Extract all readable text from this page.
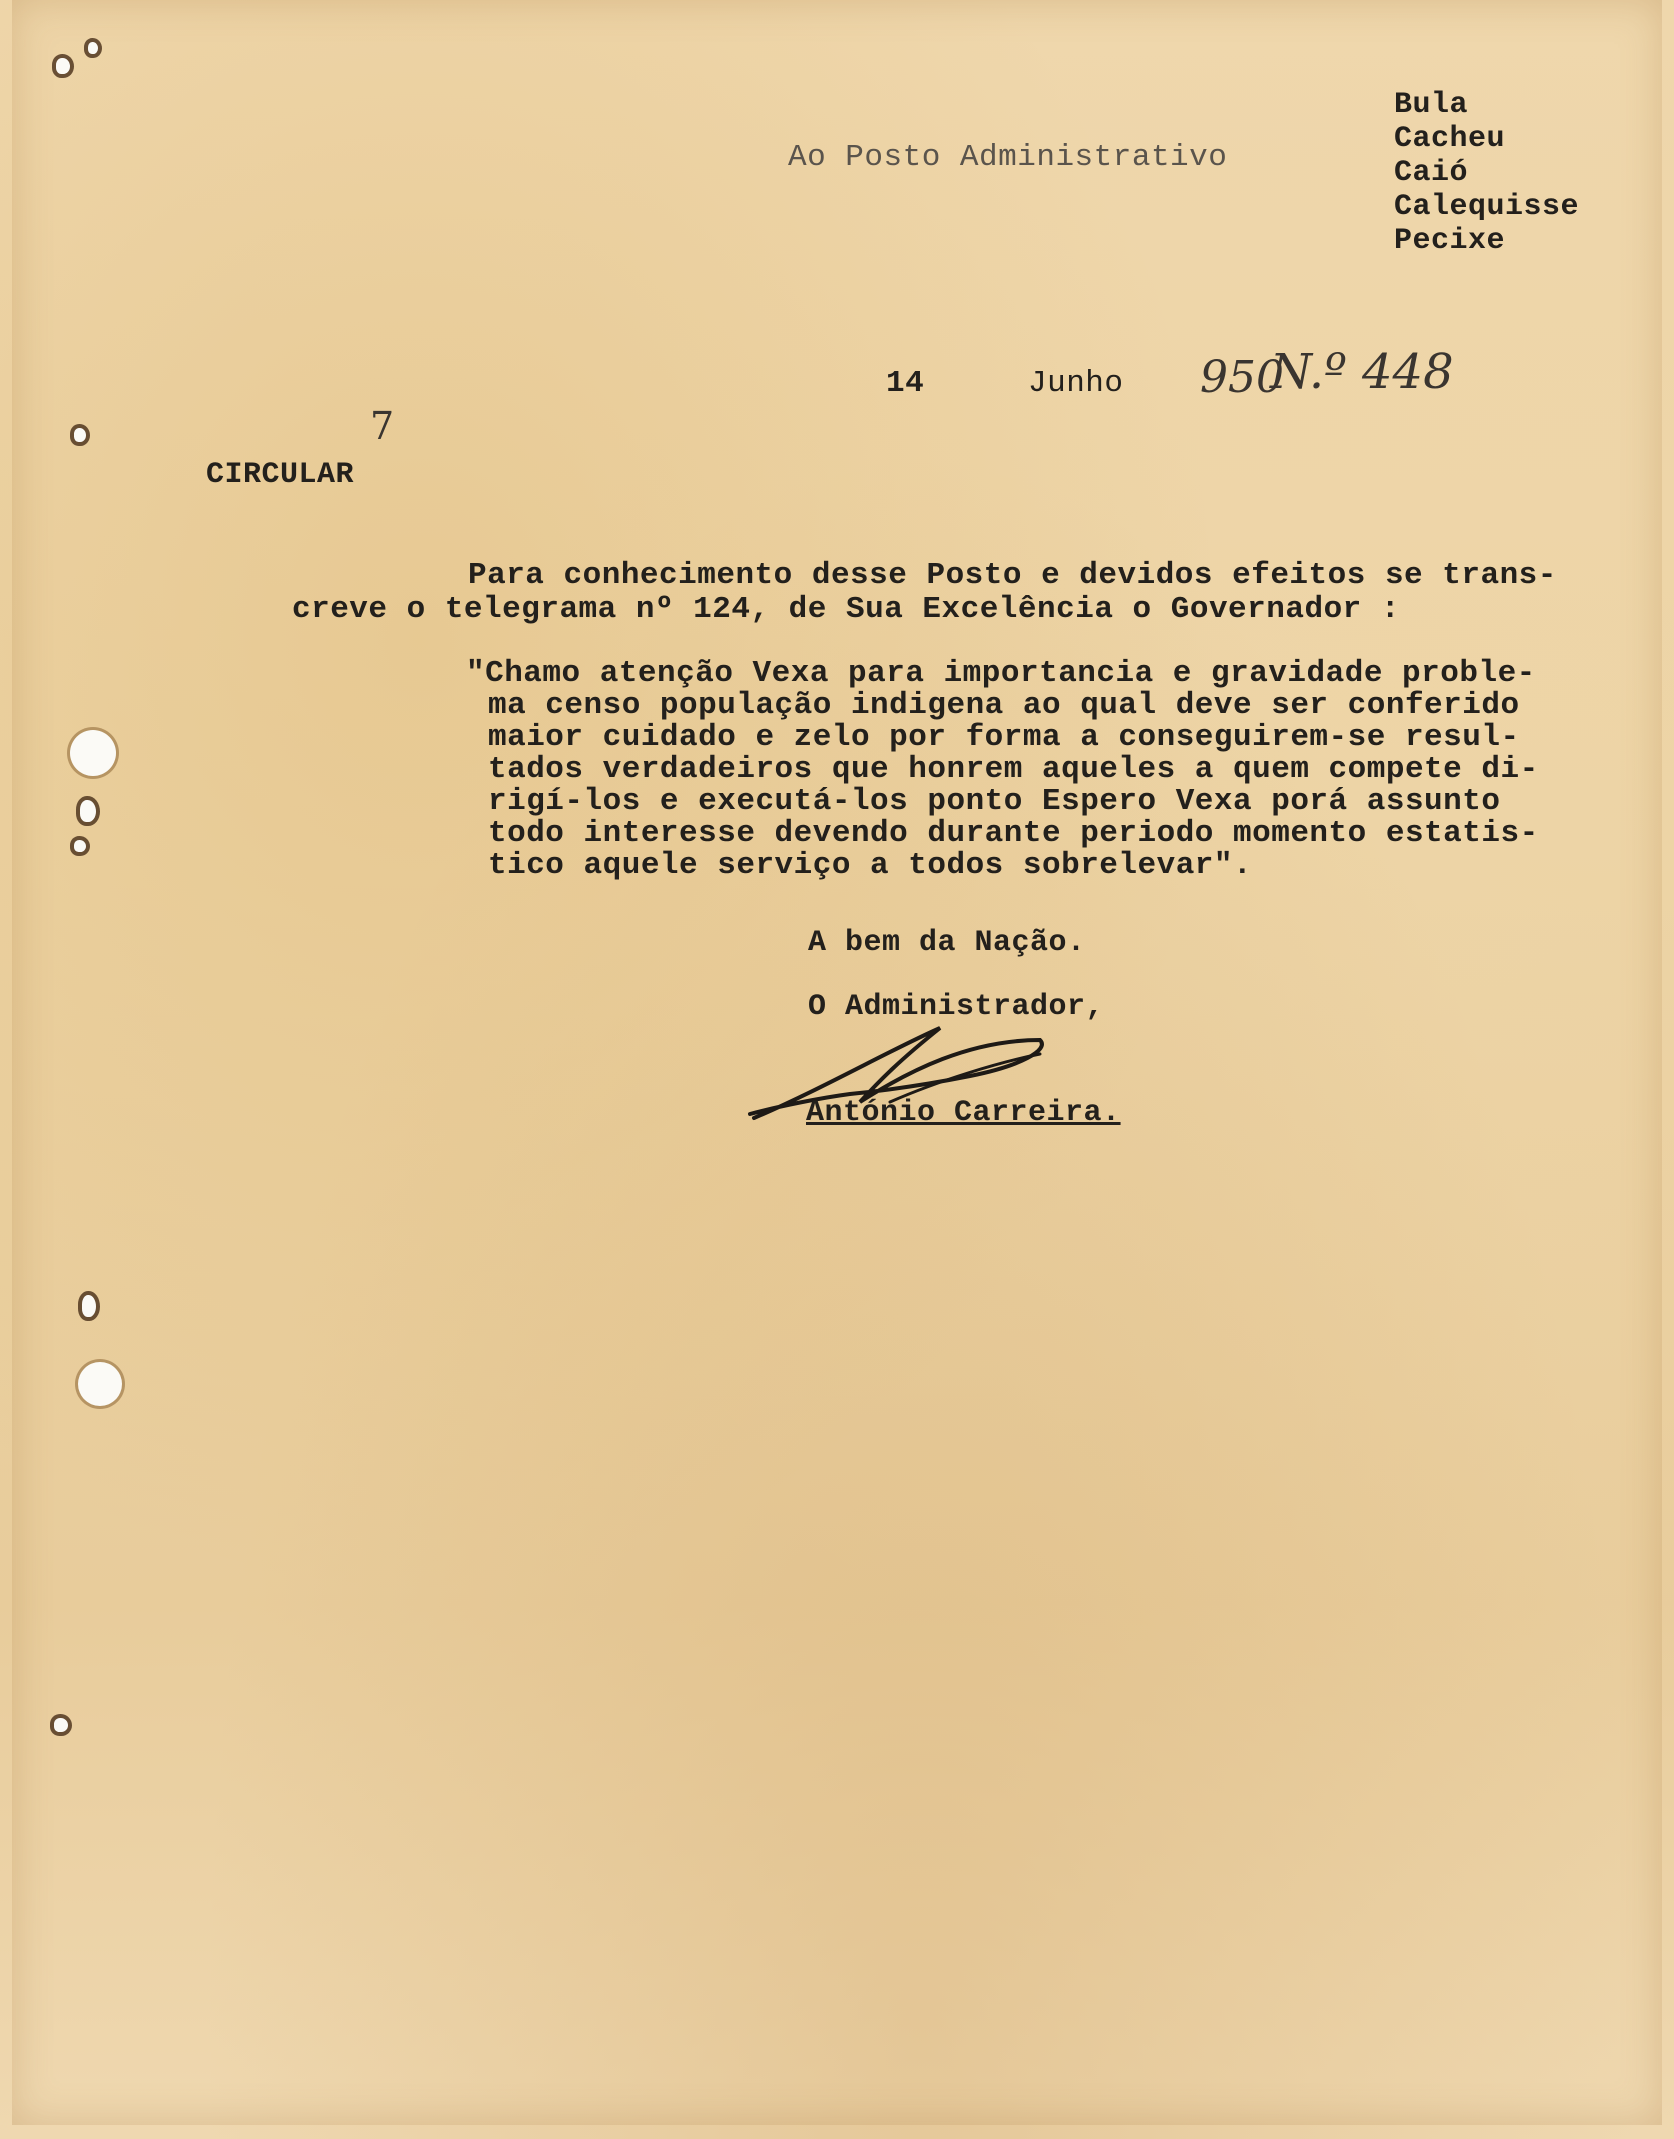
Ao Posto Administrativo
Bula
Cacheu
Caió
Calequisse
Pecixe
14	Junho 950
N.º 448
7
CIRCULAR
Para conhecimento desse Posto e devidos efeitos se trans-
creve o telegrama nº 124, de Sua Excelência o Governador :
"Chamo atenção Vexa para importancia e gravidade proble-
ma censo população indigena ao qual deve ser conferido
maior cuidado e zelo por forma a conseguirem-se resul-
tados verdadeiros que honrem aqueles a quem compete di-
rigí-los e executá-los ponto Espero Vexa porá assunto
todo interesse devendo durante periodo momento estatis-
tico aquele serviço a todos sobrelevar".
A bem da Nação.
O Administrador,
António Carreira.
